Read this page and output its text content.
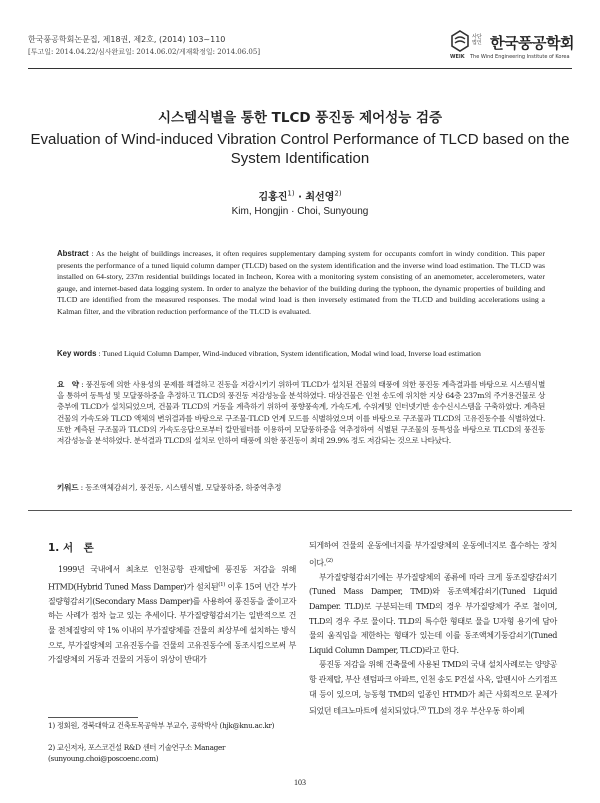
한국풍공학회논문집, 제18권, 제2호, (2014) 103~110
[투고일: 2014.04.22/심사완료일: 2014.06.02/게재확정일: 2014.06.05]
사단
법인 한국풍공학회
WEIK The Wind Engineering Institute of Korea
시스템식별을 통한 TLCD 풍진동 제어성능 검증
Evaluation of Wind-induced Vibration Control Performance of TLCD based on the System Identification
김홍진$^{1)}$ · 최선영$^{2)}$
Kim, Hongjin · Choi, Sunyoung
Abstract : As the height of buildings increases, it often requires supplementary damping system for occupants comfort in windy condition. This paper presents the performance of a tuned liquid column damper (TLCD) based on the system identification and the inverse wind load estimation. The TLCD was installed on 64-story, 237m residential buildings located in Incheon, Korea with a monitoring system consisting of an anemometer, accelerometers, water gauge, and internet-based data logging system. In order to analyze the behavior of the building during the typhoon, the dynamic properties of building and TLCD are identified from the measured responses. The modal wind load is then inversely estimated from the TLCD and building accelerations using a Kalman filter, and the vibration reduction performance of the TLCD is evaluated.
Key words : Tuned Liquid Column Damper, Wind-induced vibration, System identification, Modal wind load, Inverse load estimation
요　약 : 풍진동에 의한 사용성의 문제를 해결하고 진동을 저감시키기 위하여 TLCD가 설치된 건물의 태풍에 의한 풍진동 계측결과를 바탕으로 시스템식별을 통하여 동특성 및 모달풍하중을 추정하고 TLCD의 풍진동 저감성능을 분석하였다. 대상건물은 인천 송도에 위치한 지상 64층 237m의 주거용건물로 상층부에 TLCD가 설치되었으며, 건물과 TLCD의 거동을 계측하기 위하여 풍향풍속계, 가속도계, 수위계및 인터넷기반 송수신시스템을 구축하였다. 계측된 건물의 가속도와 TLCD 액체의 변위결과를 바탕으로 구조물-TLCD 연계 모드를 식별하였으며 이를 바탕으로 구조물과 TLCD의 고유진동수를 식별하였다. 또한 계측된 구조물과 TLCD의 가속도응답으로부터 칼만필터를 이용하여 모달풍하중을 역추정하여 식별된 구조물의 동특성을 바탕으로 TLCD의 풍진동 저감성능을 분석하였다. 분석결과 TLCD의 설치로 인하여 태풍에 의한 풍진동이 최대 29.9% 정도 저감되는 것으로 나타났다.
키워드 : 동조액체감쇠기, 풍진동, 시스템식별, 모달풍하중, 하중역추정
1. 서　론

1999년 국내에서 최초로 인천공항 관제탑에 풍진동 저감을 위해 HTMD(Hybrid Tuned Mass Damper)가 설치된$^{(1)}$ 이후 15여 년간 부가질량형감쇠기(Secondary Mass Damper)를 사용하여 풍진동을 줄이고자하는 사례가 점차 늘고 있는 추세이다. 부가질량형감쇠기는 일반적으로 건물 전체질량의 약 1% 이내의 부가질량체를 건물의 최상부에 설치하는 방식으로, 부가질량체의 고유진동수를 건물의 고유진동수에 동조시킴으로써 부가질량체의 거동과 건물의 거동이 위상이 반대가

되게하여 건물의 운동에너지를 부가질량체의 운동에너지로 흡수하는 장치이다.$^{(2)}$

부가질량형감쇠기에는 부가질량체의 종류에 따라 크게 동조질량감쇠기(Tuned Mass Damper, TMD)와 동조액체감쇠기(Tuned Liquid Damper. TLD)로 구분되는데 TMD의 경우 부가질량체가 주로 철이며, TLD의 경우 주로 물이다. TLD의 특수한 형태로 물을 U자형 용기에 담아 물의 움직임을 제한하는 형태가 있는데 이를 동조액체기둥감쇠기(Tuned Liquid Column Damper, TLCD)라고 한다.

풍진동 저감을 위해 건축물에 사용된 TMD의 국내 설치사례로는 양양공항 관제탑, 부산 센텀파크 아파트, 인천 송도 P건설 사옥, 알펜시아 스키점프대 등이 있으며, 능동형 TMD의 일종인 HTMD가 최근 사회적으로 문제가 되었던 테크노마트에 설치되었다.$^{(3)}$ TLD의 경우 부산우동 하이페

1) 정회원, 경북대학교 건축토목공학부 부교수, 공학박사 (hjk@knu.ac.kr)
2) 교신저자, 포스코건설 R&D 센터 기술연구소 Manager (sunyoung.choi@poscoenc.com)
103
